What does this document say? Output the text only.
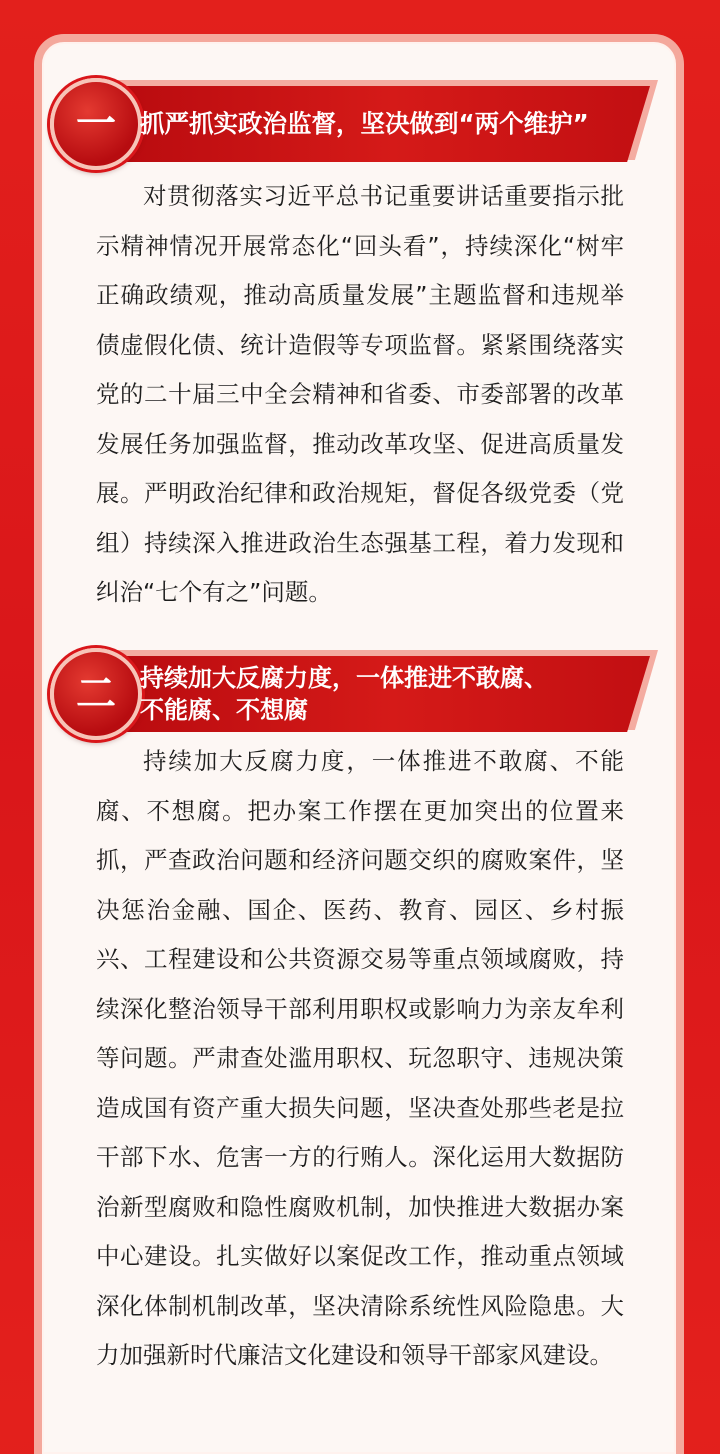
一 抓严抓实政治监督，坚决做到“两个维护”

对贯彻落实习近平总书记重要讲话重要指示批示精神情况开展常态化“回头看”，持续深化“树牢正确政绩观，推动高质量发展”主题监督和违规举债虚假化债、统计造假等专项监督。紧紧围绕落实党的二十届三中全会精神和省委、市委部署的改革发展任务加强监督，推动改革攻坚、促进高质量发展。严明政治纪律和政治规矩，督促各级党委（党组）持续深入推进政治生态强基工程，着力发现和纠治“七个有之”问题。

二	持续加大反腐力度，一体推进不敢腐、
不能腐、不想腐

持续加大反腐力度，一体推进不敢腐、不能腐、不想腐。把办案工作摆在更加突出的位置来抓，严查政治问题和经济问题交织的腐败案件，坚决惩治金融、国企、医药、教育、园区、乡村振兴、工程建设和公共资源交易等重点领域腐败，持续深化整治领导干部利用职权或影响力为亲友牟利等问题。严肃查处滥用职权、玩忽职守、违规决策造成国有资产重大损失问题，坚决查处那些老是拉干部下水、危害一方的行贿人。深化运用大数据防治新型腐败和隐性腐败机制，加快推进大数据办案中心建设。扎实做好以案促改工作，推动重点领域深化体制机制改革，坚决清除系统性风险隐患。大力加强新时代廉洁文化建设和领导干部家风建设。
